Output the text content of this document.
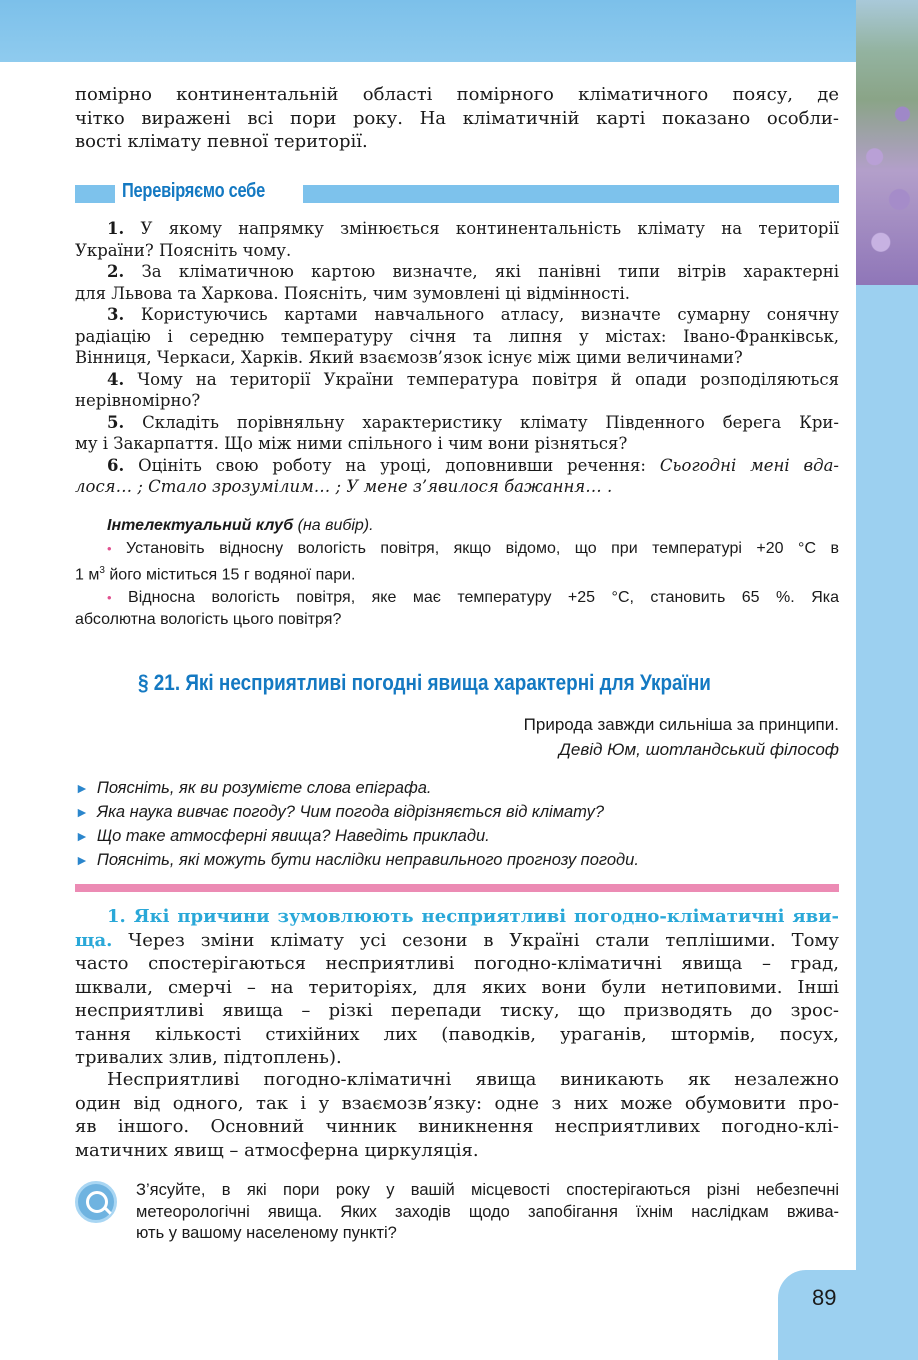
89
помірно континентальній області помірного кліматичного поясу, де
чітко виражені всі пори року. На кліматичній карті показано особли-
вості клімату певної території.
Перевіряємо себе
1. У якому напрямку змінюється континентальність клімату на території
України? Поясніть чому.
2. За кліматичною картою визначте, які панівні типи вітрів характерні
для Львова та Харкова. Поясніть, чим зумовлені ці відмінності.
3. Користуючись картами навчального атласу, визначте сумарну сонячну
радіацію і середню температуру січня та липня у містах: Івано-Франківськ,
Вінниця, Черкаси, Харків. Який взаємозв’язок існує між цими величинами?
4. Чому на території України температура повітря й опади розподіляються
нерівномірно?
5. Складіть порівняльну характеристику клімату Південного берега Кри-
му і Закарпаття. Що між ними спільного і чим вони різняться?
6. Оцініть свою роботу на уроці, доповнивши речення: Сьогодні мені вда-
лося… ; Стало зрозумілим… ; У мене з’явилося бажання… .
Інтелектуальний клуб (на вибір).
• Установіть відносну вологість повітря, якщо відомо, що при температурі +20 °C в
1 $м^3$ його міститься 15 г водяної пари.
• Відносна вологість повітря, яке має температуру +25 °C, становить 65 %. Яка
абсолютна вологість цього повітря?
§ 21. Які несприятливі погодні явища характерні для України
Природа завжди сильніша за принципи.
Девід Юм, шотландський філософ
► Поясніть, як ви розумієте слова епіграфа.
► Яка наука вивчає погоду? Чим погода відрізняється від клімату?
► Що таке атмосферні явища? Наведіть приклади.
► Поясніть, які можуть бути наслідки неправильного прогнозу погоди.
1. Які причини зумовлюють несприятливі погодно-кліматичні яви-
ща. Через зміни клімату усі сезони в Україні стали теплішими. Тому
часто спостерігаються несприятливі погодно-кліматичні явища – град,
шквали, смерчі – на територіях, для яких вони були нетиповими. Інші
несприятливі явища – різкі перепади тиску, що призводять до зрос-
тання кількості стихійних лих (паводків, ураганів, штормів, посух,
тривалих злив, підтоплень).
Несприятливі погодно-кліматичні явища виникають як незалежно
один від одного, так і у взаємозв’язку: одне з них може обумовити про-
яв іншого. Основний чинник виникнення несприятливих погодно-клі-
матичних явищ – атмосферна циркуляція.
З’ясуйте, в які пори року у вашій місцевості спостерігаються різні небезпечні
метеорологічні явища. Яких заходів щодо запобігання їхнім наслідкам вжива-
ють у вашому населеному пункті?
